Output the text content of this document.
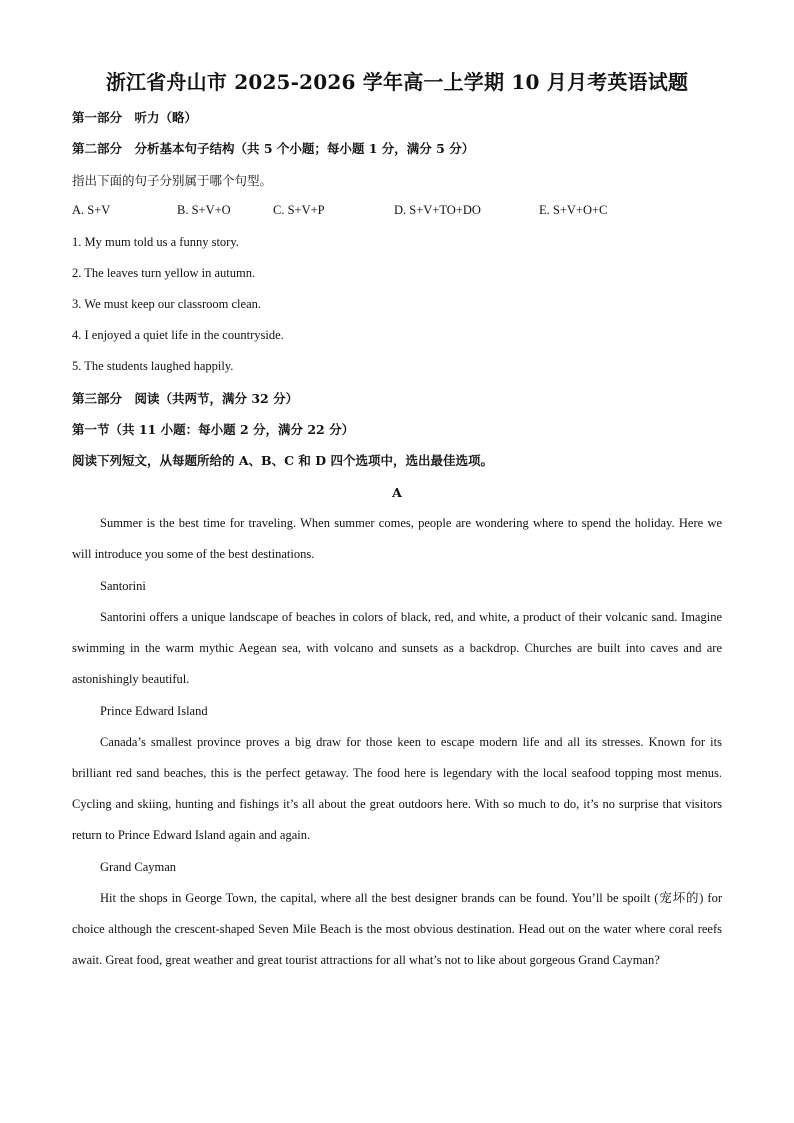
浙江省舟山市 2025-2026 学年高一上学期 10 月月考英语试题
第一部分　听力（略）
第二部分　分析基本句子结构（共 5 个小题；每小题 1 分，满分 5 分）
指出下面的句子分别属于哪个句型。
A. S+V	B. S+V+O	C. S+V+P	D. S+V+TO+DO	E. S+V+O+C
1. My mum told us a funny story.
2. The leaves turn yellow in autumn.
3. We must keep our classroom clean.
4. I enjoyed a quiet life in the countryside.
5. The students laughed happily.
第三部分　阅读（共两节，满分 32 分）
第一节（共 11 小题：每小题 2 分，满分 22 分）
阅读下列短文，从每题所给的 A、B、C 和 D 四个选项中，选出最佳选项。
A

Summer is the best time for traveling. When summer comes, people are wondering where to spend the holiday. Here we will introduce you some of the best destinations.

Santorini

Santorini offers a unique landscape of beaches in colors of black, red, and white, a product of their volcanic sand. Imagine swimming in the warm mythic Aegean sea, with volcano and sunsets as a backdrop. Churches are built into caves and are astonishingly beautiful.

Prince Edward Island

Canada’s smallest province proves a big draw for those keen to escape modern life and all its stresses. Known for its brilliant red sand beaches, this is the perfect getaway. The food here is legendary with the local seafood topping most menus. Cycling and skiing, hunting and fishings it’s all about the great outdoors here. With so much to do, it’s no surprise that visitors return to Prince Edward Island again and again.

Grand Cayman

Hit the shops in George Town, the capital, where all the best designer brands can be found. You’ll be spoilt (宠坏的) for choice although the crescent-shaped Seven Mile Beach is the most obvious destination. Head out on the water where coral reefs await. Great food, great weather and great tourist attractions for all what’s not to like about gorgeous Grand Cayman?
